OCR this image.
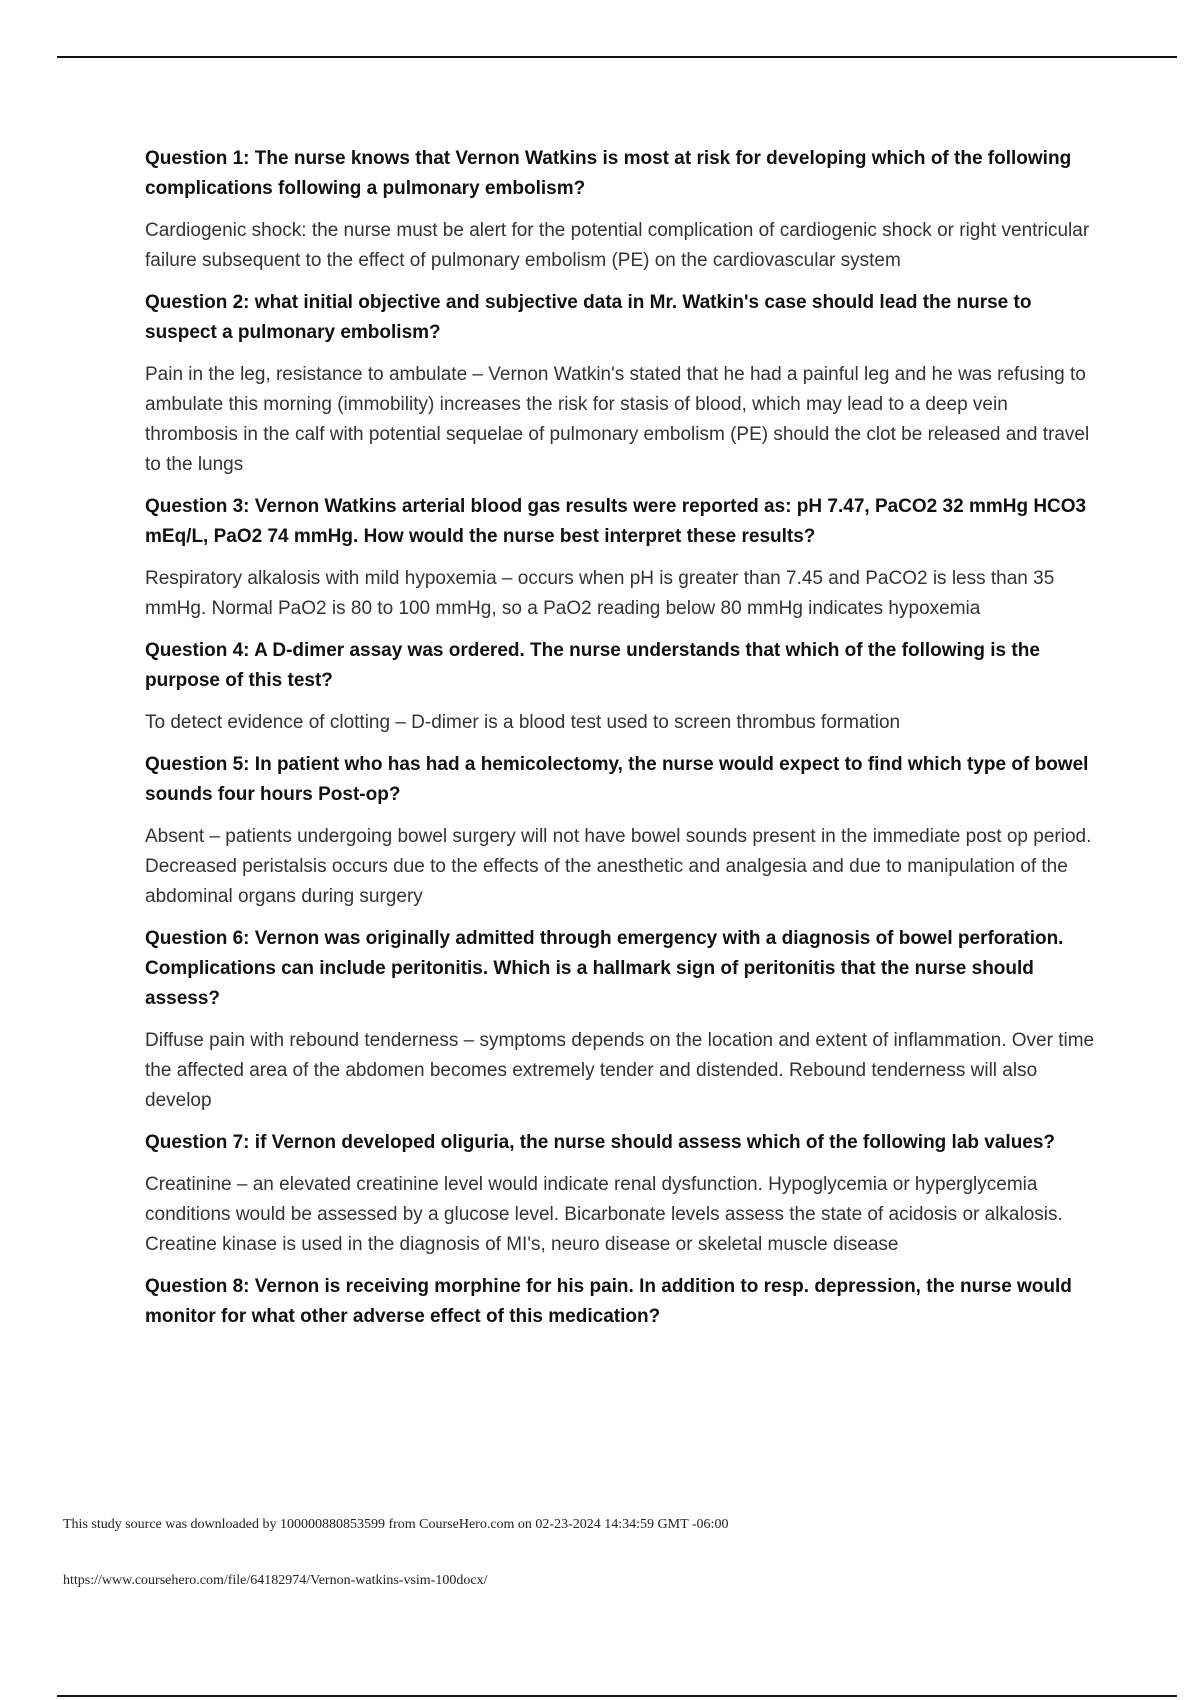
Question 1: The nurse knows that Vernon Watkins is most at risk for developing which of the following complications following a pulmonary embolism?

Cardiogenic shock: the nurse must be alert for the potential complication of cardiogenic shock or right ventricular failure subsequent to the effect of pulmonary embolism (PE) on the cardiovascular system

Question 2: what initial objective and subjective data in Mr. Watkin's case should lead the nurse to suspect a pulmonary embolism?

Pain in the leg, resistance to ambulate – Vernon Watkin's stated that he had a painful leg and he was refusing to ambulate this morning (immobility) increases the risk for stasis of blood, which may lead to a deep vein thrombosis in the calf with potential sequelae of pulmonary embolism (PE) should the clot be released and travel to the lungs

Question 3: Vernon Watkins arterial blood gas results were reported as: pH 7.47, PaCO2 32 mmHg HCO3 mEq/L, PaO2 74 mmHg. How would the nurse best interpret these results?

Respiratory alkalosis with mild hypoxemia – occurs when pH is greater than 7.45 and PaCO2 is less than 35 mmHg. Normal PaO2 is 80 to 100 mmHg, so a PaO2 reading below 80 mmHg indicates hypoxemia

Question 4: A D-dimer assay was ordered. The nurse understands that which of the following is the purpose of this test?

To detect evidence of clotting – D-dimer is a blood test used to screen thrombus formation

Question 5: In patient who has had a hemicolectomy, the nurse would expect to find which type of bowel sounds four hours Post-op?

Absent – patients undergoing bowel surgery will not have bowel sounds present in the immediate post op period. Decreased peristalsis occurs due to the effects of the anesthetic and analgesia and due to manipulation of the abdominal organs during surgery

Question 6: Vernon was originally admitted through emergency with a diagnosis of bowel perforation. Complications can include peritonitis. Which is a hallmark sign of peritonitis that the nurse should assess?

Diffuse pain with rebound tenderness – symptoms depends on the location and extent of inflammation. Over time the affected area of the abdomen becomes extremely tender and distended. Rebound tenderness will also develop

Question 7: if Vernon developed oliguria, the nurse should assess which of the following lab values?

Creatinine – an elevated creatinine level would indicate renal dysfunction. Hypoglycemia or hyperglycemia conditions would be assessed by a glucose level. Bicarbonate levels assess the state of acidosis or alkalosis. Creatine kinase is used in the diagnosis of MI's, neuro disease or skeletal muscle disease

Question 8: Vernon is receiving morphine for his pain. In addition to resp. depression, the nurse would monitor for what other adverse effect of this medication?

This study source was downloaded by 100000880853599 from CourseHero.com on 02-23-2024 14:34:59 GMT -06:00
https://www.coursehero.com/file/64182974/Vernon-watkins-vsim-100docx/
